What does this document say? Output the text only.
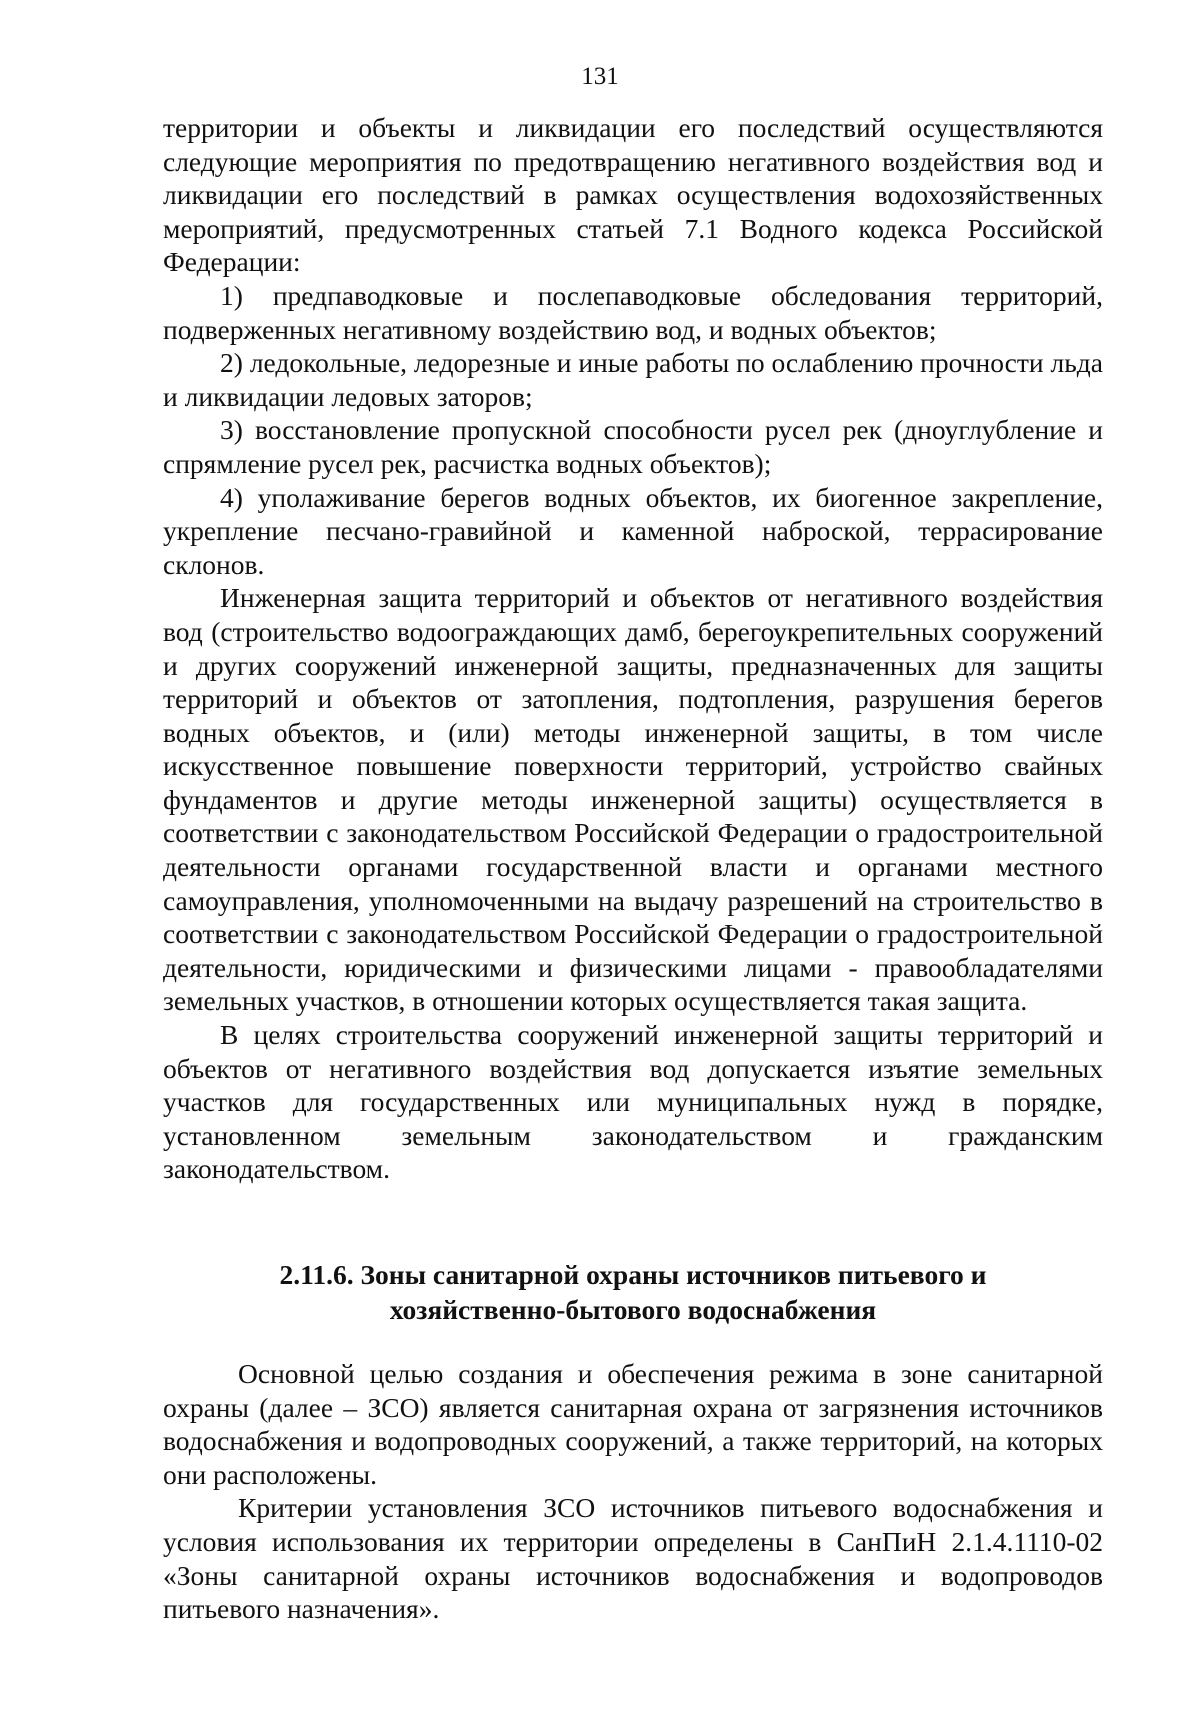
131

территории и объекты и ликвидации его последствий осуществляются следующие мероприятия по предотвращению негативного воздействия вод и ликвидации его последствий в рамках осуществления водохозяйственных мероприятий, предусмотренных статьей 7.1 Водного кодекса Российской Федерации:

1) предпаводковые и послепаводковые обследования территорий, подверженных негативному воздействию вод, и водных объектов;

2) ледокольные, ледорезные и иные работы по ослаблению прочности льда и ликвидации ледовых заторов;

3) восстановление пропускной способности русел рек (дноуглубление и спрямление русел рек, расчистка водных объектов);

4) уполаживание берегов водных объектов, их биогенное закрепление, укрепление песчано-гравийной и каменной наброской, террасирование склонов.

Инженерная защита территорий и объектов от негативного воздействия вод (строительство водоограждающих дамб, берегоукрепительных сооружений и других сооружений инженерной защиты, предназначенных для защиты территорий и объектов от затопления, подтопления, разрушения берегов водных объектов, и (или) методы инженерной защиты, в том числе искусственное повышение поверхности территорий, устройство свайных фундаментов и другие методы инженерной защиты) осуществляется в соответствии с законодательством Российской Федерации о градостроительной деятельности органами государственной власти и органами местного самоуправления, уполномоченными на выдачу разрешений на строительство в соответствии с законодательством Российской Федерации о градостроительной деятельности, юридическими и физическими лицами - правообладателями земельных участков, в отношении которых осуществляется такая защита.

В целях строительства сооружений инженерной защиты территорий и объектов от негативного воздействия вод допускается изъятие земельных участков для государственных или муниципальных нужд в порядке, установленном земельным законодательством и гражданским законодательством.

2.11.6. Зоны санитарной охраны источников питьевого и
хозяйственно-бытового водоснабжения

Основной целью создания и обеспечения режима в зоне санитарной охраны (далее – ЗСО) является санитарная охрана от загрязнения источников водоснабжения и водопроводных сооружений, а также территорий, на которых они расположены.

Критерии установления ЗСО источников питьевого водоснабжения и условия использования их территории определены в СанПиН 2.1.4.1110-02 «Зоны санитарной охраны источников водоснабжения и водопроводов питьевого назначения».
